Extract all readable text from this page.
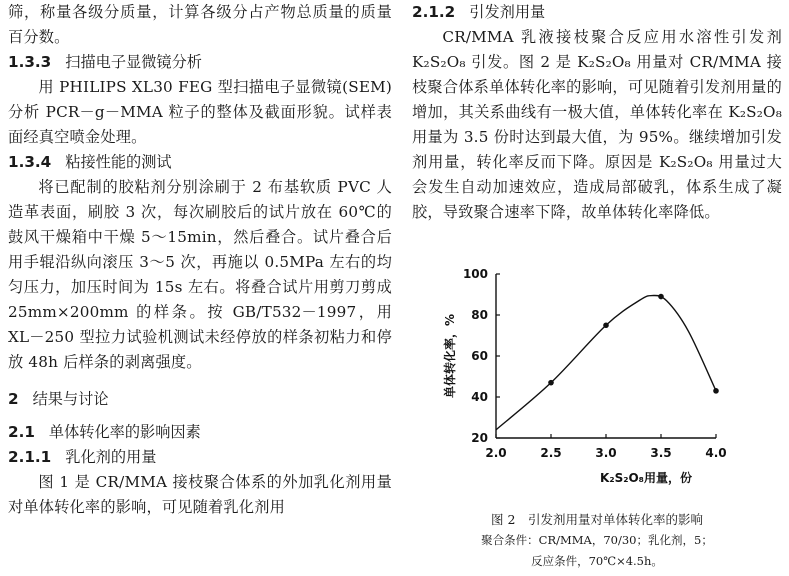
筛，称量各级分质量，计算各级分占产物总质量的质量百分数。

1.3.3 扫描电子显微镜分析

用 PHILIPS XL30 FEG 型扫描电子显微镜(SEM)分析 PCR－g－MMA 粒子的整体及截面形貌。试样表面经真空喷金处理。

1.3.4 粘接性能的测试

将已配制的胶粘剂分别涂刷于 2 布基软质 PVC 人造革表面，刷胶 3 次，每次刷胶后的试片放在 60℃的鼓风干燥箱中干燥 5～15min，然后叠合。试片叠合后用手辊沿纵向滚压 3～5 次，再施以 0.5MPa 左右的均匀压力，加压时间为 15s 左右。将叠合试片用剪刀剪成 25mm×200mm 的样条。按 GB/T532－1997，用 XL－250 型拉力试验机测试未经停放的样条初粘力和停放 48h 后样条的剥离强度。

2 结果与讨论
2.1 单体转化率的影响因素
2.1.1 乳化剂的用量

图 1 是 CR/MMA 接枝聚合体系的外加乳化剂用量对单体转化率的影响，可见随着乳化剂用

2.1.2 引发剂用量

CR/MMA 乳液接枝聚合反应用水溶性引发剂 K₂S₂O₈ 引发。图 2 是 K₂S₂O₈ 用量对 CR/MMA 接枝聚合体系单体转化率的影响，可见随着引发剂用量的增加，其关系曲线有一极大值，单体转化率在 K₂S₂O₈ 用量为 3.5 份时达到最大值，为 95%。继续增加引发剂用量，转化率反而下降。原因是 K₂S₂O₈ 用量过大会发生自动加速效应，造成局部破乳，体系生成了凝胶，导致聚合速率下降，故单体转化率降低。

2.0	2.5	3.0	3.5	4.0
20
40
60
80
100
单体转化率，%
K₂S₂O₈用量，份
图 2　引发剂用量对单体转化率的影响
聚合条件：CR/MMA，70/30；乳化剂，5；
反应条件，70℃×4.5h。
